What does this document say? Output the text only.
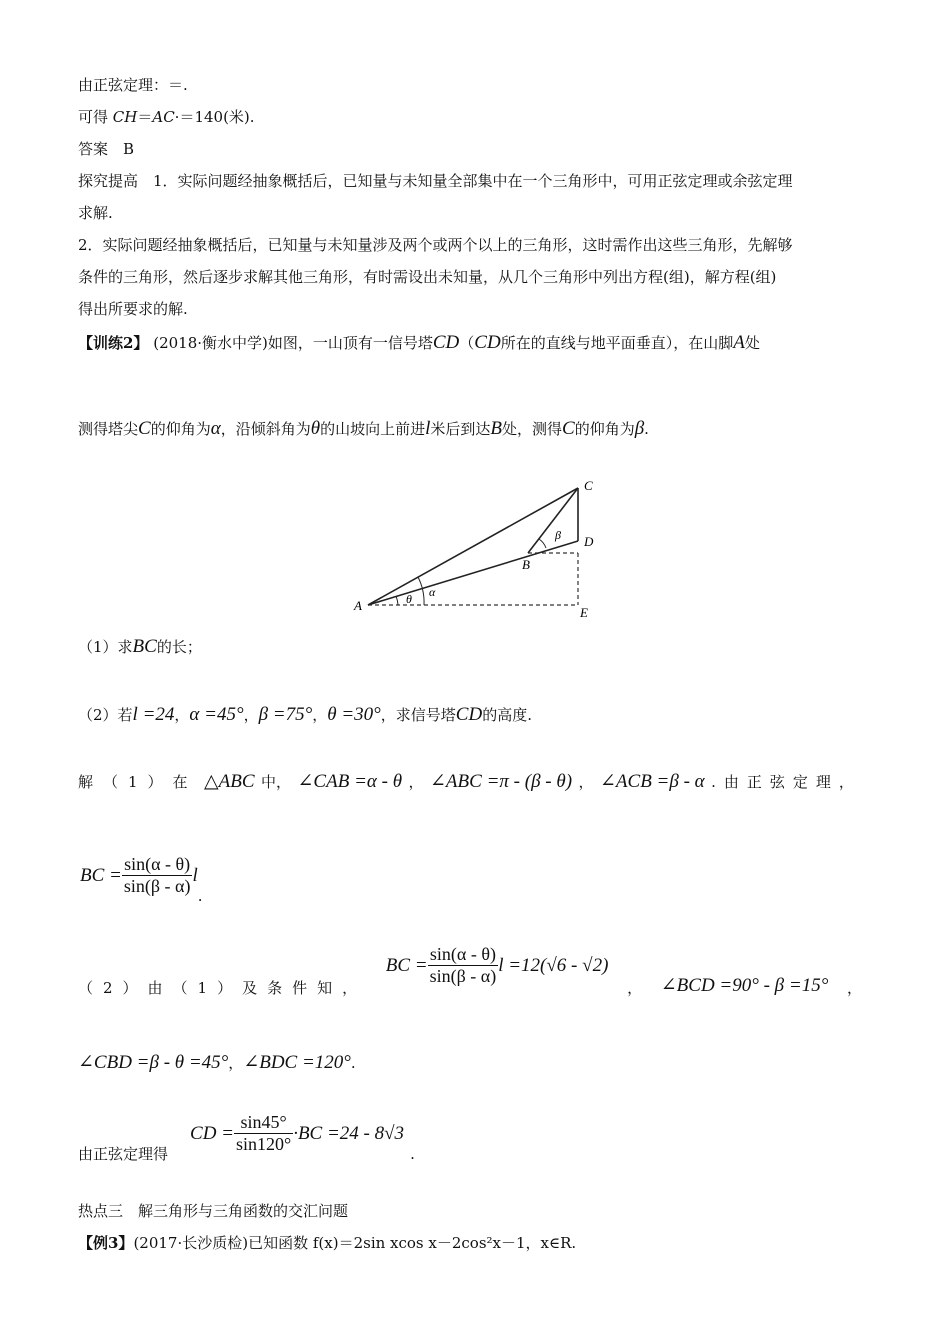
由正弦定理：＝.
可得 CH＝AC·＝140(米).
答案　B
探究提高　1．实际问题经抽象概括后，已知量与未知量全部集中在一个三角形中，可用正弦定理或余弦定理
求解.
2．实际问题经抽象概括后，已知量与未知量涉及两个或两个以上的三角形，这时需作出这些三角形，先解够
条件的三角形，然后逐步求解其他三角形，有时需设出未知量，从几个三角形中列出方程(组)，解方程(组)
得出所要求的解.
【训练2】 (2018·衡水中学)如图，一山顶有一信号塔CD（CD所在的直线与地平面垂直），在山脚A处
测得塔尖C的仰角为α，沿倾斜角为θ的山坡向上前进l米后到达B处，测得C的仰角为β.
A
B
C
D
E
α
θ
β
（1）求BC的长；
（2）若l =24，α =45°，β =75°，θ =30°，求信号塔CD的高度.
解（1）在 △ABC 中， ∠CAB =α - θ ， ∠ABC =π - (β - θ) ， ∠ACB =β - α .由正弦定理，
BC = $\frac{\sin(\alpha - \theta)}{\sin(\beta - \alpha)}$ l
.
（2）由（1）及条件知，
BC = $\frac{\sin(\alpha - \theta)}{\sin(\beta - \alpha)}$ l =12(√6 - √2)
， ∠BCD =90° - β =15° ，
∠CBD =β - θ =45°，∠BDC =120°.
由正弦定理得
CD = $\frac{\sin 45^\circ}{\sin 120^\circ} \cdot BC =24 - 8√3$
.
热点三　解三角形与三角函数的交汇问题
【例3】(2017·长沙质检)已知函数 f(x)＝2sin xcos x－2cos²x－1，x∈R.
